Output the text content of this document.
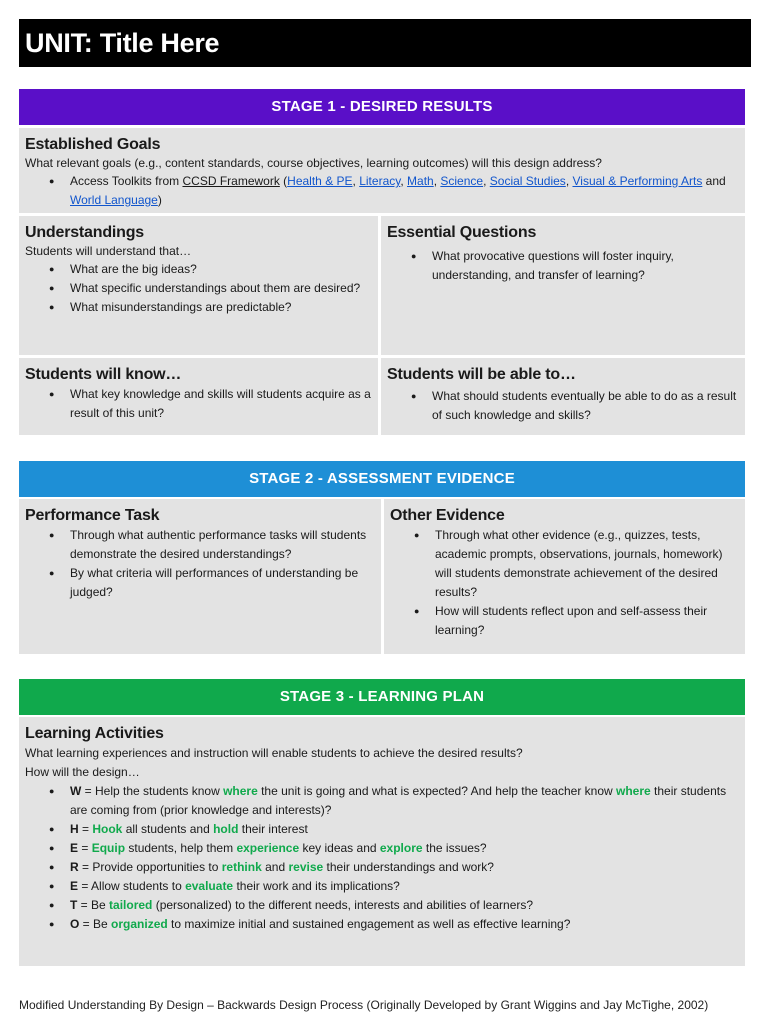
UNIT: Title Here
STAGE 1 - DESIRED RESULTS
Established Goals

What relevant goals (e.g., content standards, course objectives, learning outcomes) will this design address?

● Access Toolkits from CCSD Framework (Health & PE, Literacy, Math, Science, Social Studies, Visual & Performing Arts and World Language)
Understandings

Students will understand that…

● What are the big ideas?
● What specific understandings about them are desired?
● What misunderstandings are predictable?
Essential Questions
● What provocative questions will foster inquiry, understanding, and transfer of learning?
Students will know…
● What key knowledge and skills will students acquire as a result of this unit?
Students will be able to…
● What should students eventually be able to do as a result of such knowledge and skills?
STAGE 2 - ASSESSMENT EVIDENCE
Performance Task
● Through what authentic performance tasks will students demonstrate the desired understandings?
● By what criteria will performances of understanding be judged?
Other Evidence
● Through what other evidence (e.g., quizzes, tests, academic prompts, observations, journals, homework) will students demonstrate achievement of the desired results?
● How will students reflect upon and self-assess their learning?
STAGE 3 - LEARNING PLAN
Learning Activities

What learning experiences and instruction will enable students to achieve the desired results?

How will the design…

● W = Help the students know where the unit is going and what is expected? And help the teacher know where their students are coming from (prior knowledge and interests)?
● H = Hook all students and hold their interest
● E = Equip students, help them experience key ideas and explore the issues?
● R = Provide opportunities to rethink and revise their understandings and work?
● E = Allow students to evaluate their work and its implications?
● T = Be tailored (personalized) to the different needs, interests and abilities of learners?
● O = Be organized to maximize initial and sustained engagement as well as effective learning?
Modified Understanding By Design – Backwards Design Process (Originally Developed by Grant Wiggins and Jay McTighe, 2002)
